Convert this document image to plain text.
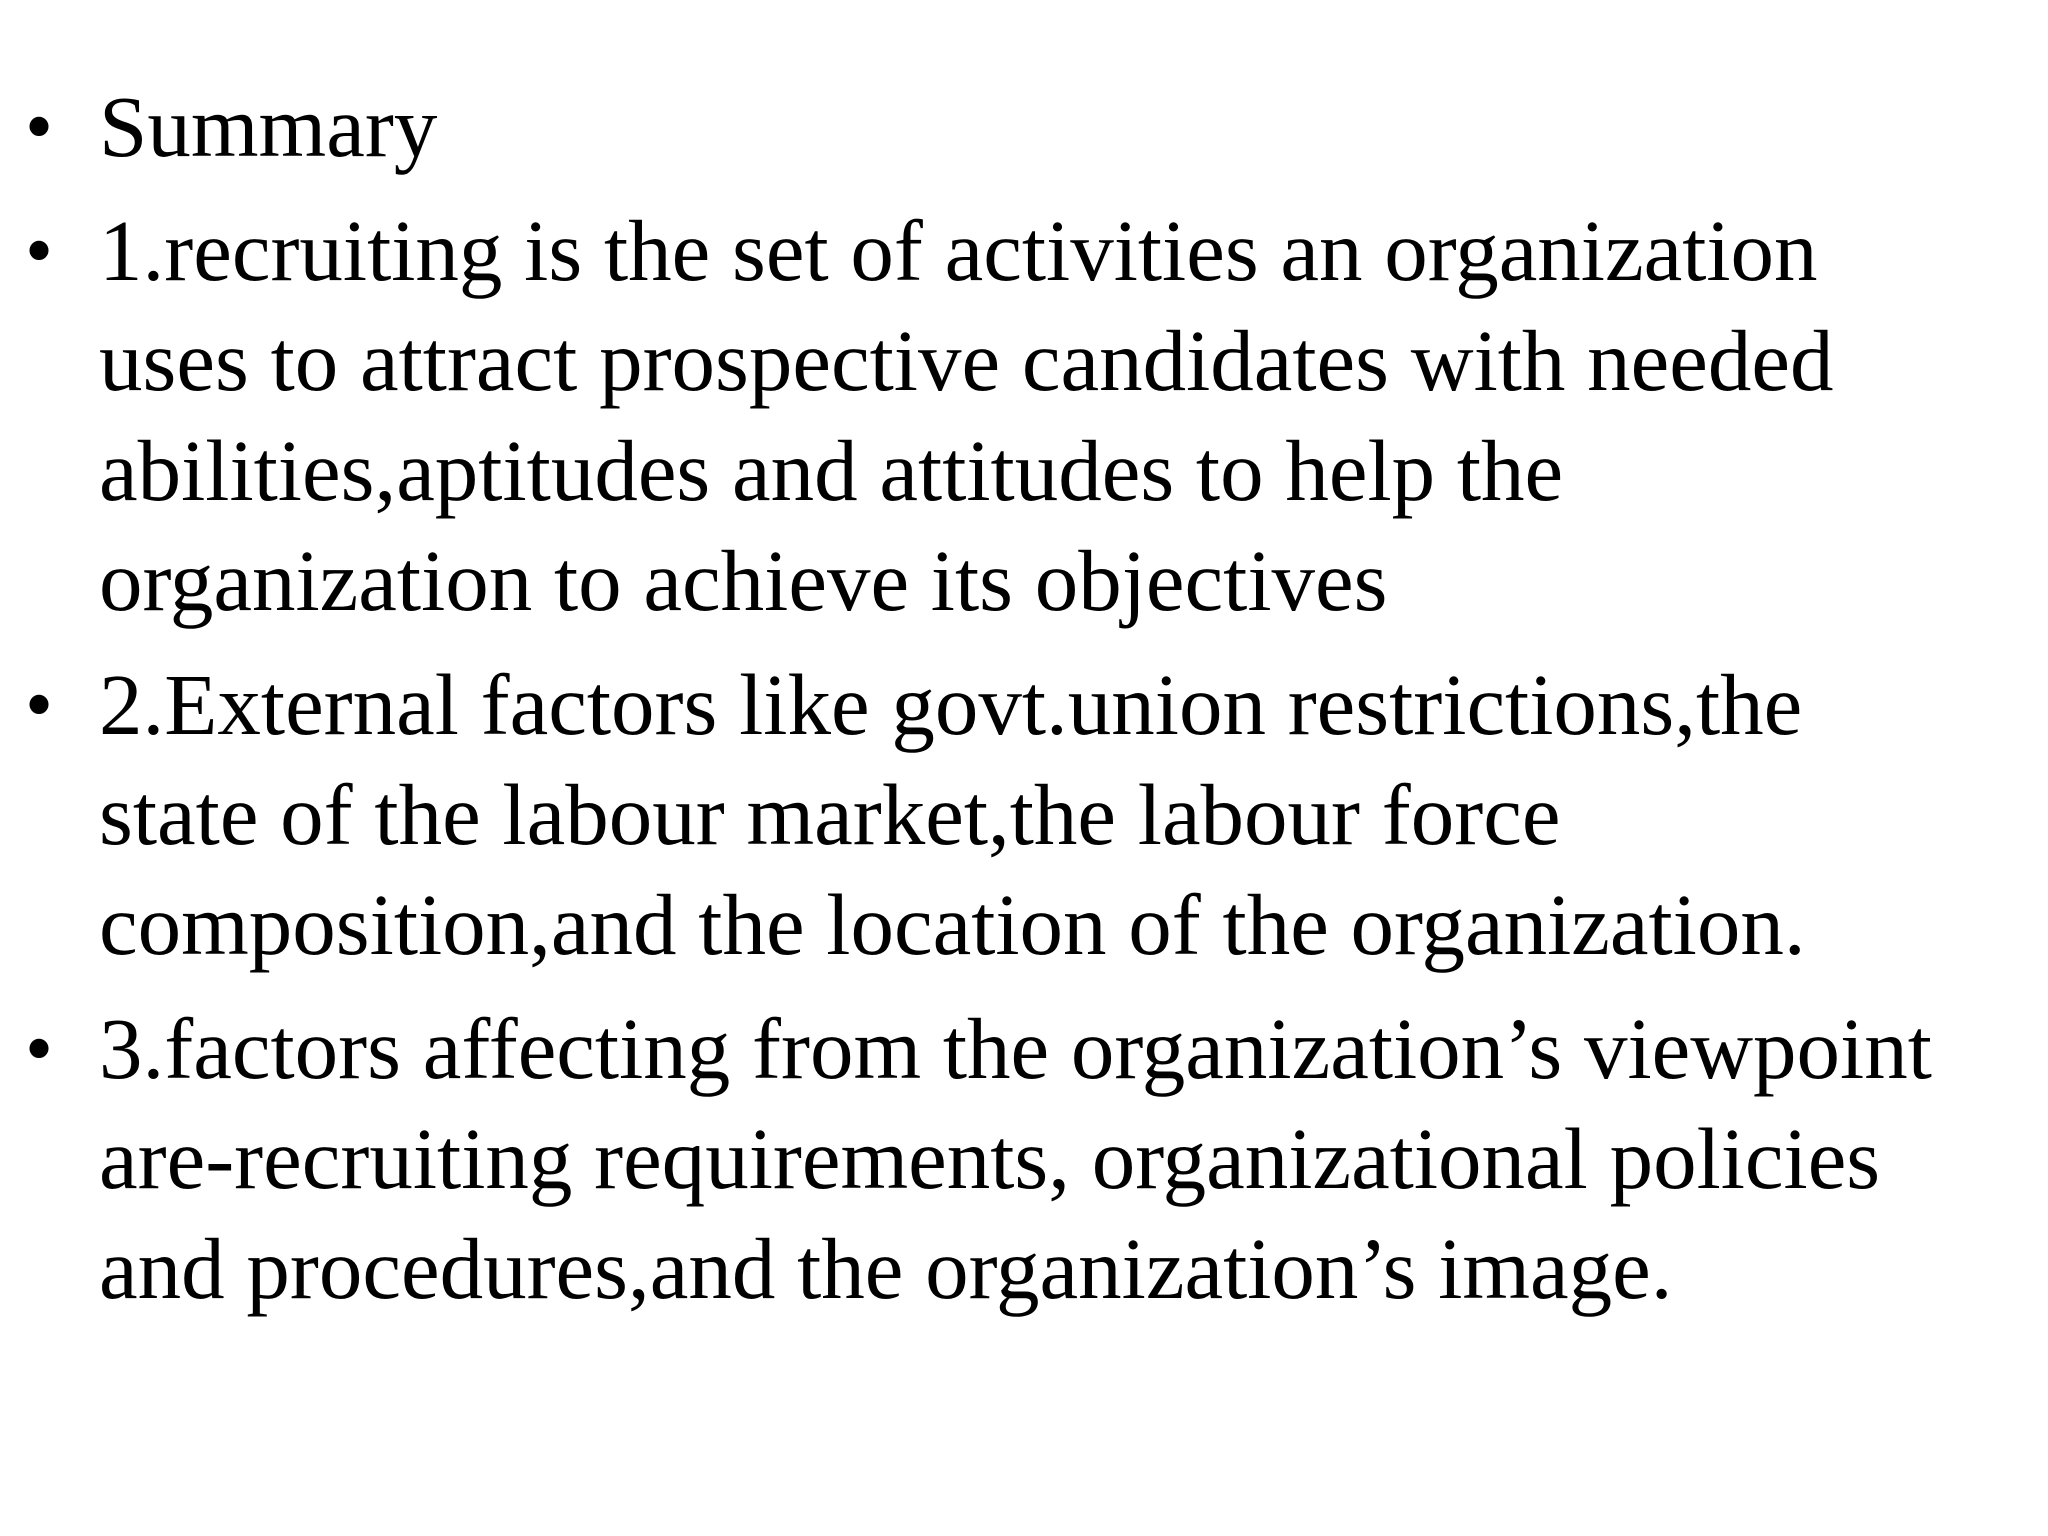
• Summary
• 1.recruiting is the set of activities an organization uses to attract prospective candidates with needed abilities,aptitudes and attitudes to help the organization to achieve its objectives
• 2.External factors like govt.union restrictions,the state of the labour market,the labour force composition,and the location of the organization.
• 3.factors affecting from the organization’s viewpoint are-recruiting requirements, organizational policies and procedures,and the organization’s image.
